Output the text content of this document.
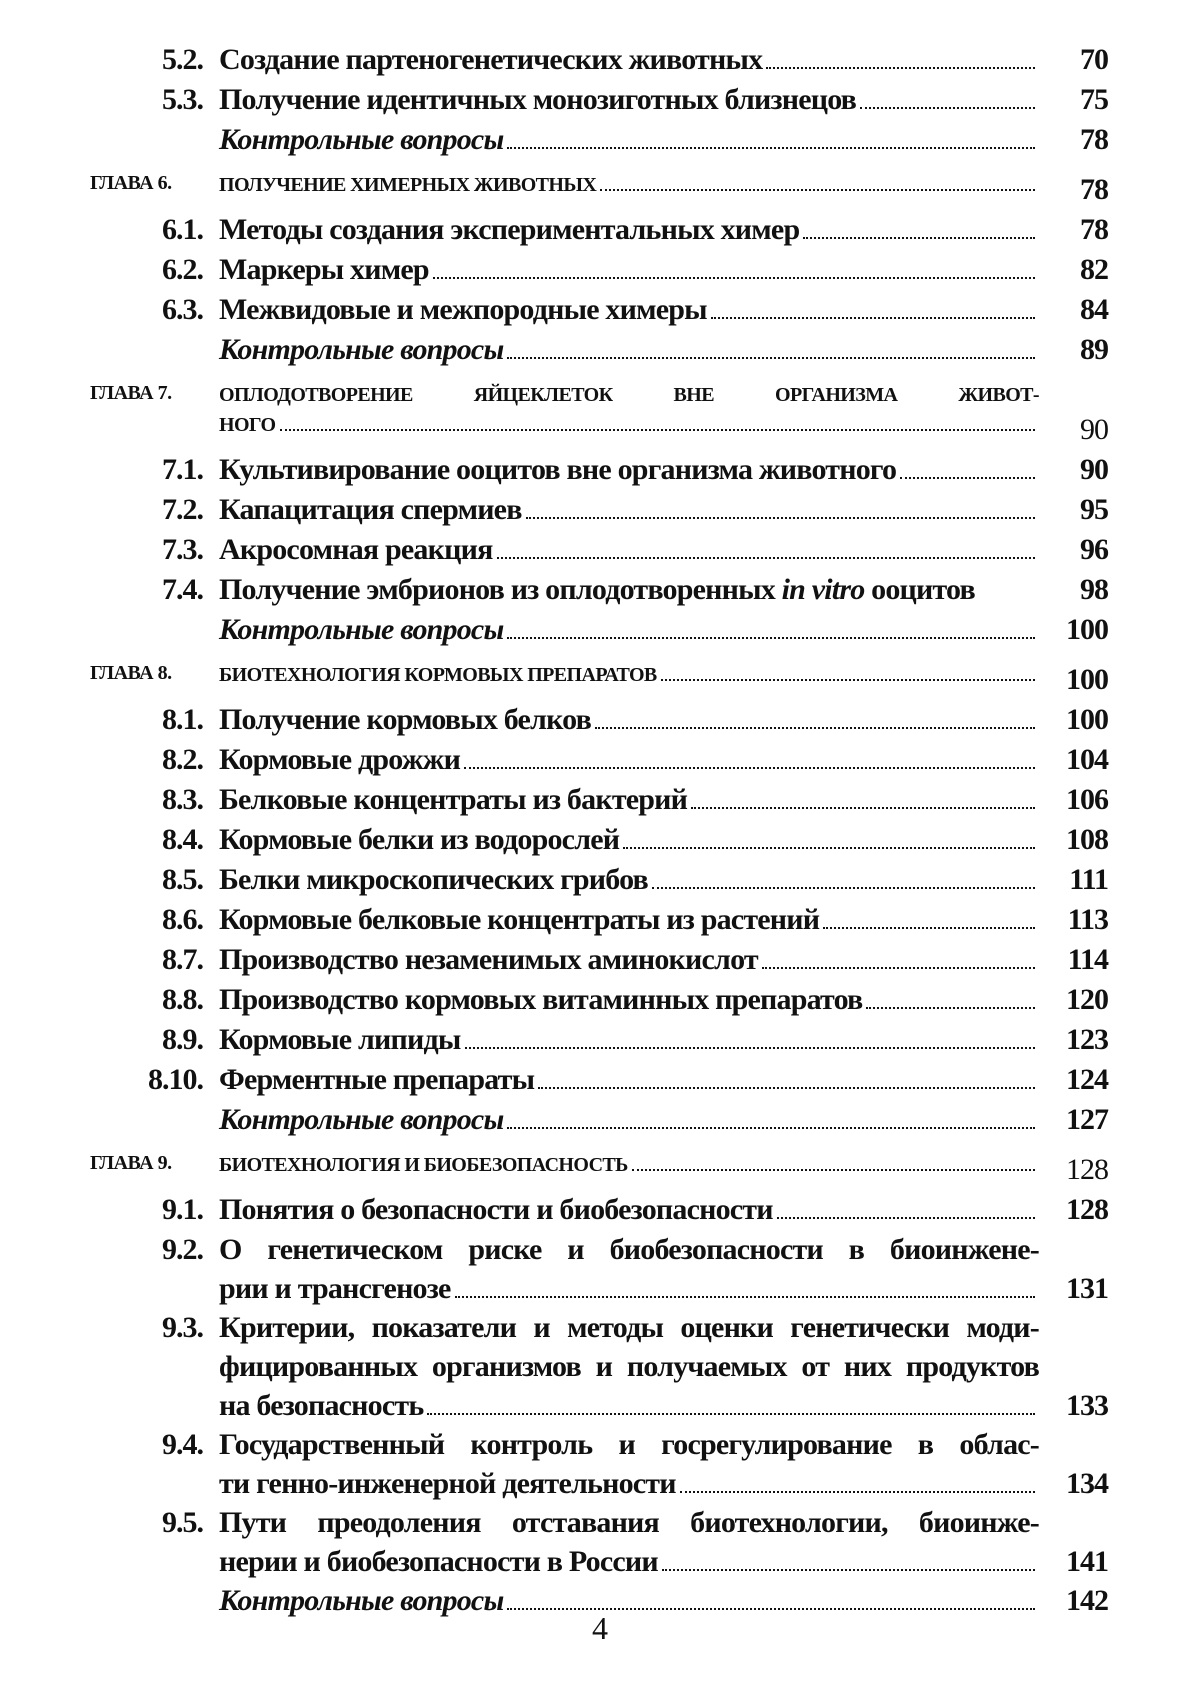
5.2. Создание партеногенетических животных	70
5.3. Получение идентичных монозиготных близнецов	75
Контрольные вопросы	78
ГЛАВА 6. ПОЛУЧЕНИЕ ХИМЕРНЫХ ЖИВОТНЫХ	78
6.1. Методы создания экспериментальных химер	78
6.2. Маркеры химер	82
6.3. Межвидовые и межпородные химеры	84
Контрольные вопросы	89
ГЛАВА 7. ОПЛОДОТВОРЕНИЕ ЯЙЦЕКЛЕТОК ВНЕ ОРГАНИЗМА ЖИВОТ-
НОГО	90
7.1. Культивирование ооцитов вне организма животного	90
7.2. Капацитация спермиев	95
7.3. Акросомная реакция	96
7.4. Получение эмбрионов из оплодотворенных in vitro ооцитов	98
Контрольные вопросы	100
ГЛАВА 8. БИОТЕХНОЛОГИЯ КОРМОВЫХ ПРЕПАРАТОВ	100
8.1. Получение кормовых белков	100
8.2. Кормовые дрожжи	104
8.3. Белковые концентраты из бактерий	106
8.4. Кормовые белки из водорослей	108
8.5. Белки микроскопических грибов	111
8.6. Кормовые белковые концентраты из растений	113
8.7. Производство незаменимых аминокислот	114
8.8. Производство кормовых витаминных препаратов	120
8.9. Кормовые липиды	123
8.10. Ферментные препараты	124
Контрольные вопросы	127
ГЛАВА 9. БИОТЕХНОЛОГИЯ И БИОБЕЗОПАСНОСТЬ	128
9.1. Понятия о безопасности и биобезопасности	128
9.2. О генетическом риске и биобезопасности в биоинжене-
рии и трансгенозе	131
9.3. Критерии, показатели и методы оценки генетически моди-
фицированных организмов и получаемых от них продуктов
на безопасность	133
9.4. Государственный контроль и госрегулирование в облас-
ти генно-инженерной деятельности	134
9.5. Пути преодоления отставания биотехнологии, биоинже-
нерии и биобезопасности в России	141
Контрольные вопросы	142
4
